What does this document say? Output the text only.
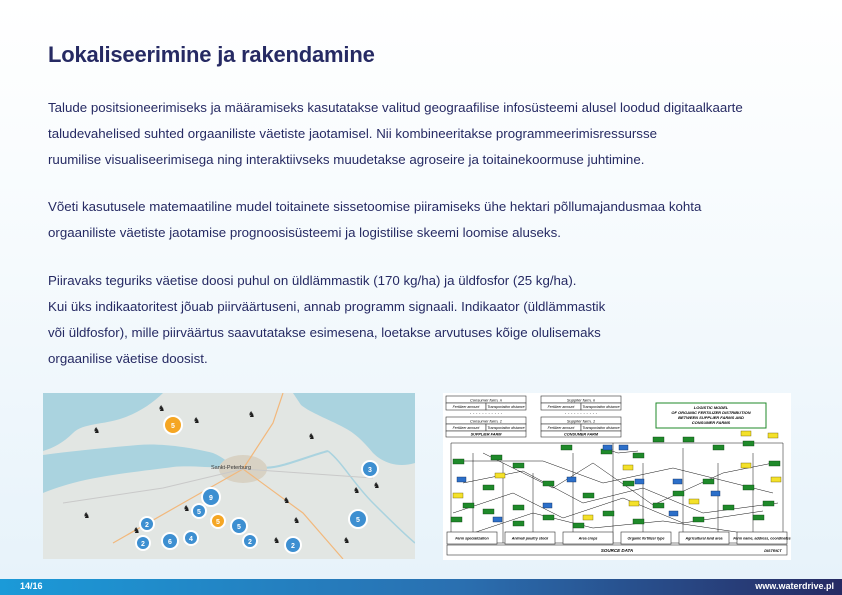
Lokaliseerimine ja rakendamine
Talude positsioneerimiseks ja määramiseks kasutatakse valitud geograafilise infosüsteemi alusel loodud digitaalkaarte
taludevahelised suhted orgaaniliste väetiste jaotamisel. Nii kombineeritakse programmeerimisressursse
ruumilise visualiseerimisega ning interaktiivseks muudetakse agroseire ja toitainekoormuse juhtimine.
Võeti kasutusele matemaatiline mudel toitainete sissetoomise piiramiseks ühe hektari põllumajandusmaa kohta
orgaaniliste väetiste jaotamise prognoosisüsteemi ja logistilise skeemi loomise aluseks.
Piiravaks teguriks väetise doosi puhul on üldlämmastik (170 kg/ha) ja üldfosfor (25 kg/ha).
Kui üks indikaatoritest jõuab piirväärtuseni, annab programm signaali. Indikaator (üldlämmastik
või üldfosfor), mille piirväärtus saavutatakse esimesena, loetakse arvutuses kõige olulisemaks
orgaanilise väetise doosist.
Sankt-Peterburg
♞
♞
♞
♞
♞
♞
♞
♞
♞
♞
♞
♞	♞
♞
5
9
5
5
2
6 4
2
5
5
2
2
3
Consumer farm, n
Fertilizer amount Transportation distance
· · · · · · · · · · ·
Consumer farm, 1
Fertilizer amount Transportation distance
SUPPLIER FARM
Supplier farm, n
Fertilizer amount Transportation distance
· · · · · · · · · · ·
Supplier farm, 1
Fertilizer amount Transportation distance
CONSUMER FARM
LOGISTIC MODEL
OF ORGANIC FERTILIZER DISTRIBUTION
BETWEEN SUPPLIER FARMS AND
CONSUMER FARMS
Farm specialization	Animal/ poultry stock	Area crops	Organic fertilizer type	Agricultural land area	Farm name, address, coordinates
SOURCE DATA	DISTRICT
14/16	www.waterdrive.pl
